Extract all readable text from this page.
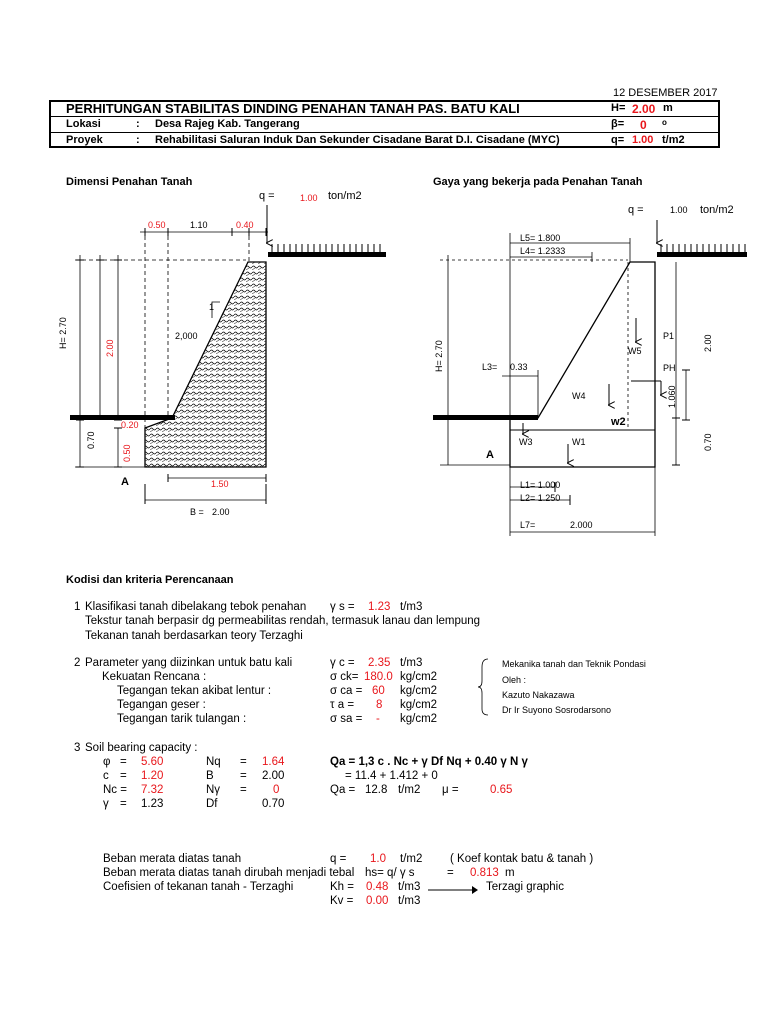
12 DESEMBER 2017
PERHITUNGAN STABILITAS DINDING PENAHAN TANAH PAS. BATU KALI
Lokasi	: Desa Rajeg Kab. Tangerang
Proyek	: Rehabilitasi Saluran Induk Dan Sekunder Cisadane Barat D.I. Cisadane (MYC)
H= 2.00 m
β= 0 o
q= 1.00 t/m2
Dimensi Penahan Tanah
q =	1.00 ton/m2
0.50	1.10	0.40
1
2,000
H= 2.70	2.00
0.70
0.20
0.50
A	1.50
B = 2.00
Gaya yang bekerja pada Penahan Tanah
q =	1.00 ton/m2
L5= 1.800
L4= 1.2333
H= 2.70	L3= 0.33
W5
P1
PH
1.060
2.00
W4
w2
W3	W1	0.70
A
L1= 1.000
L2= 1.250
L7=	2.000
Kodisi dan kriteria Perencanaan
1 Klasifikasi tanah dibelakang tebok penahan γ s = 1.23 t/m3
Tekstur tanah berpasir dg permeabilitas rendah, termasuk lanau dan lempung
Tekanan tanah berdasarkan teory Terzaghi
2 Parameter yang diizinkan untuk batu kali	γ c = 2.35 t/m3
Kekuatan Rencana :	σ ck= 180.0 kg/cm2
Tegangan tekan akibat lentur :	σ ca = 60 kg/cm2
Tegangan geser :	τ a = 8 kg/cm2
Tegangan tarik tulangan :	σ sa = - kg/cm2
Mekanika tanah dan Teknik Pondasi
Oleh :
Kazuto Nakazawa
Dr Ir Suyono Sosrodarsono
3 Soil bearing capacity :
φ = 5.60	Nq = 1.64	Qa = 1,3 c . Nc + γ Df Nq + 0.40 γ N γ
c = 1.20	B = 2.00	= 11.4 + 1.412 + 0
Nc = 7.32	Nγ = 0	Qa = 12.8 t/m2 μ =	0.65
γ = 1.23	Df	0.70
Beban merata diatas tanah	q = 1.0 t/m2 ( Koef kontak batu & tanah )
Beban merata diatas tanah dirubah menjadi tebal hs= q/ γ s	= 0.813 m
Coefisien of tekanan tanah - Terzaghi	Kh = 0.48 t/m3	Terzagi graphic
Kv = 0.00 t/m3
